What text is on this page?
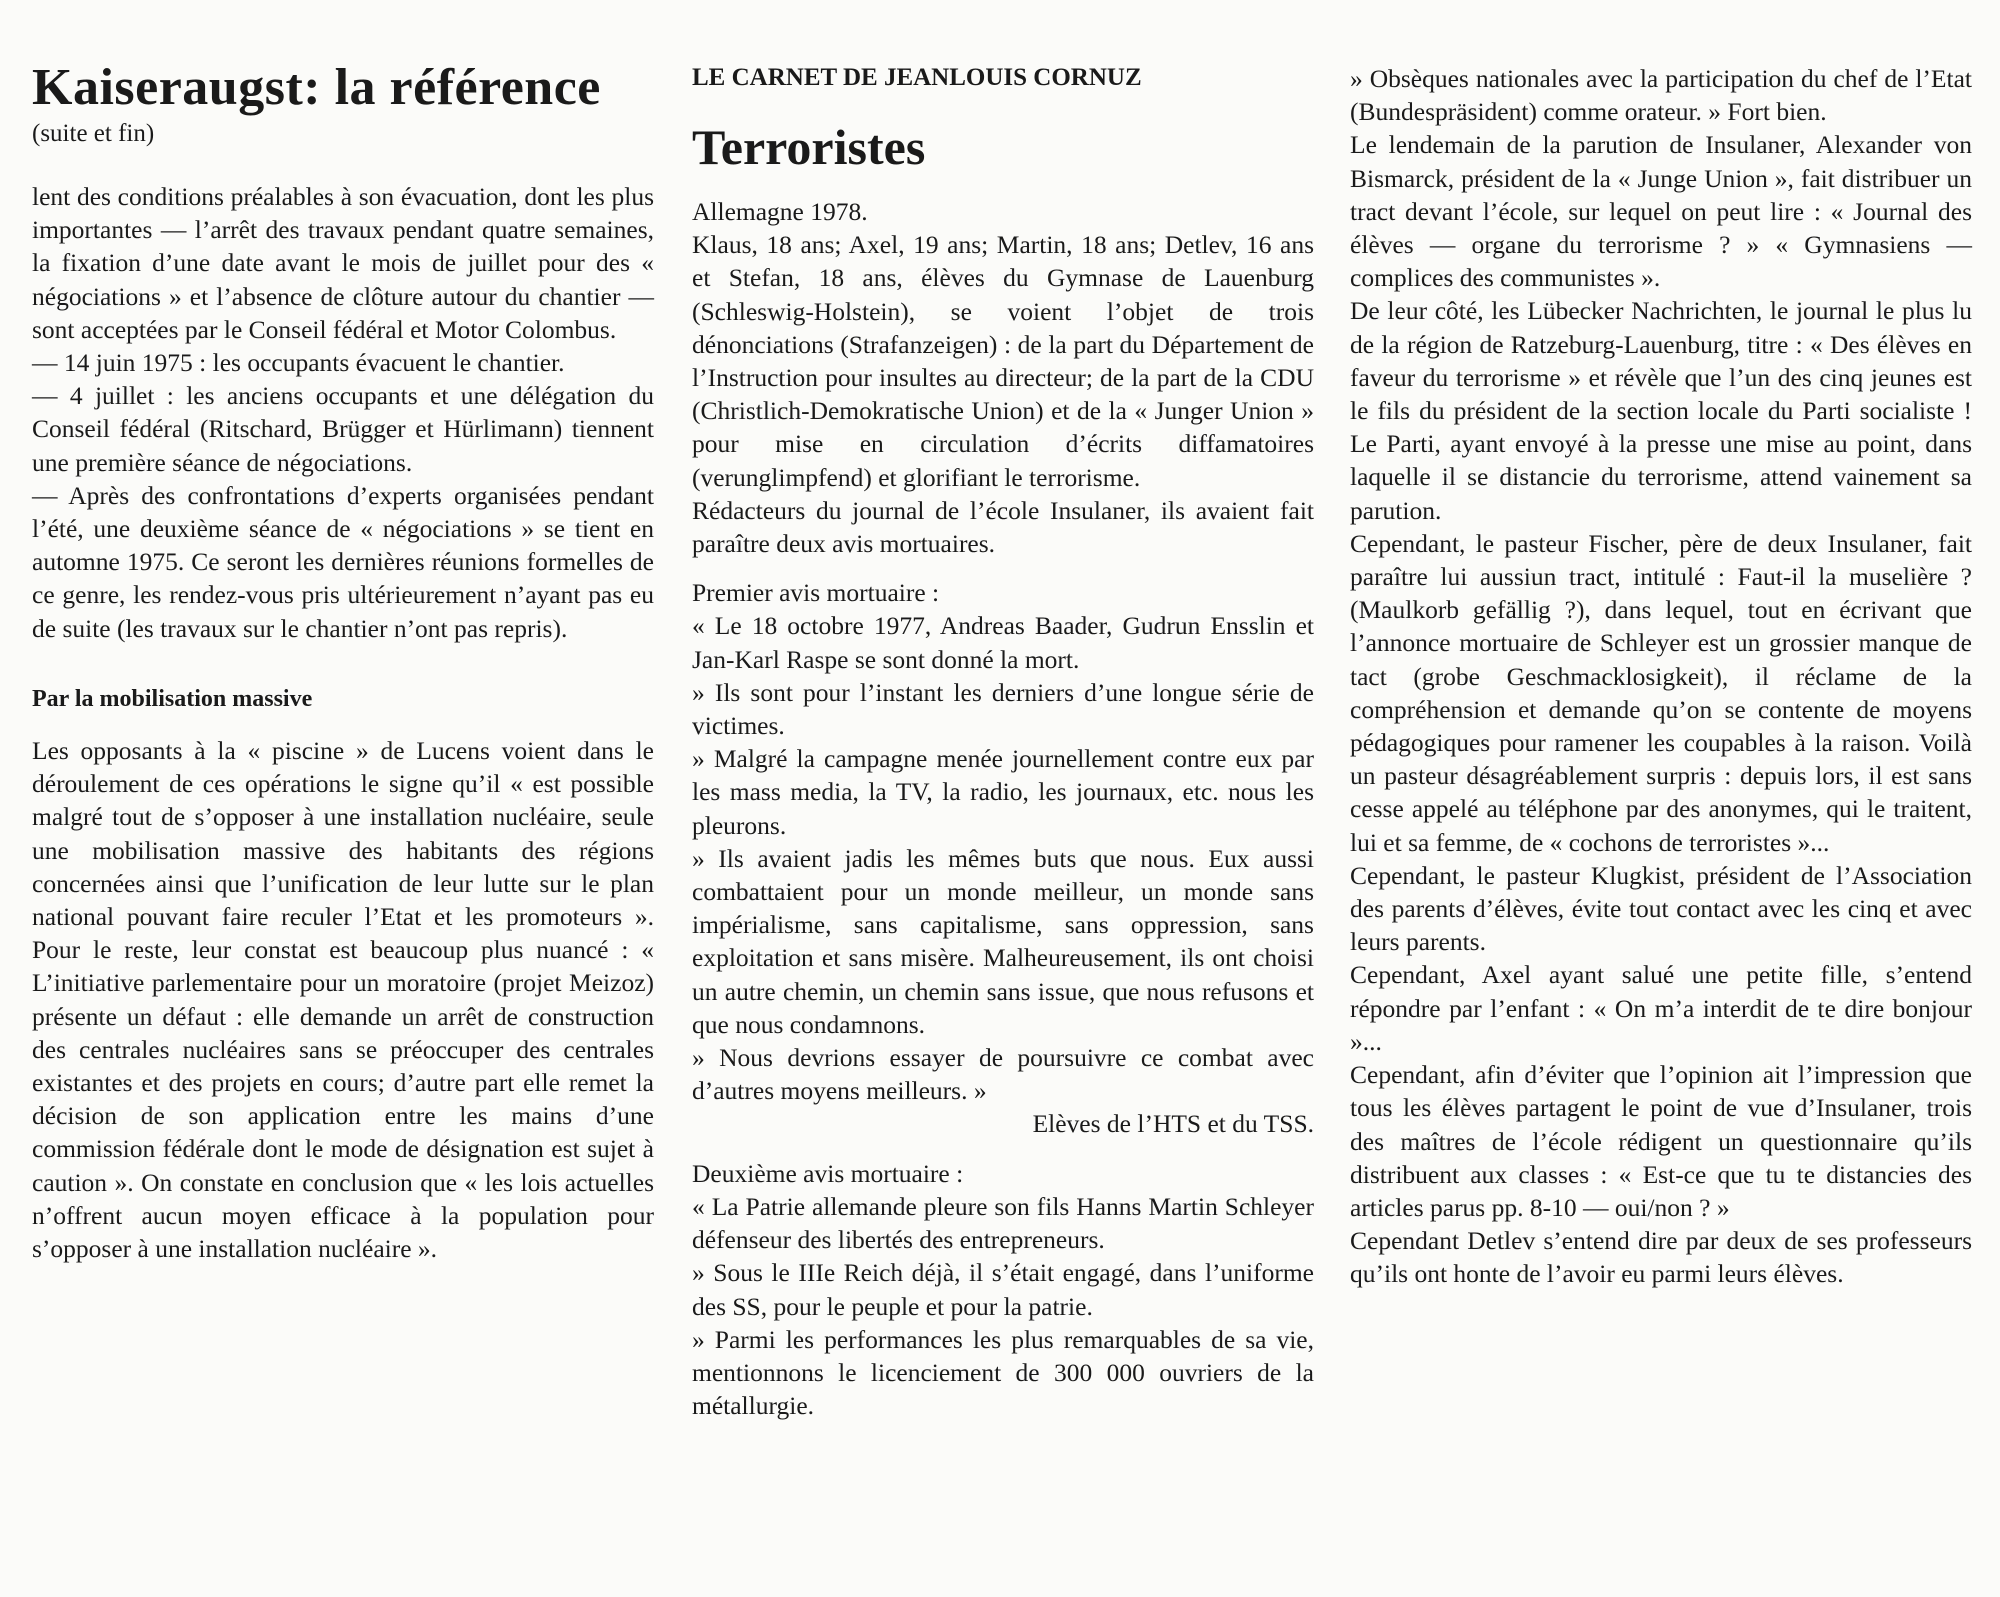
Kaiseraugst: la référence
(suite et fin)

lent des conditions préalables à son évacuation, dont les plus importantes — l’arrêt des travaux pendant quatre semaines, la fixation d’une date avant le mois de juillet pour des « négociations » et l’absence de clôture autour du chantier — sont acceptées par le Conseil fédéral et Motor Colombus.

— 14 juin 1975 : les occupants évacuent le chantier.

— 4 juillet : les anciens occupants et une délégation du Conseil fédéral (Ritschard, Brügger et Hürlimann) tiennent une première séance de négociations.

— Après des confrontations d’experts organisées pendant l’été, une deuxième séance de « négociations » se tient en automne 1975. Ce seront les dernières réunions formelles de ce genre, les rendez-vous pris ultérieurement n’ayant pas eu de suite (les travaux sur le chantier n’ont pas repris).

Par la mobilisation massive

Les opposants à la « piscine » de Lucens voient dans le déroulement de ces opérations le signe qu’il « est possible malgré tout de s’opposer à une installation nucléaire, seule une mobilisation massive des habitants des régions concernées ainsi que l’unification de leur lutte sur le plan national pouvant faire reculer l’Etat et les promoteurs ». Pour le reste, leur constat est beaucoup plus nuancé : « L’initiative parlementaire pour un moratoire (projet Meizoz) présente un défaut : elle demande un arrêt de construction des centrales nucléaires sans se préoccuper des centrales existantes et des projets en cours; d’autre part elle remet la décision de son application entre les mains d’une commission fédérale dont le mode de désignation est sujet à caution ». On constate en conclusion que « les lois actuelles n’offrent aucun moyen efficace à la population pour s’opposer à une installation nucléaire ».

LE CARNET DE JEANLOUIS CORNUZ
Terroristes

Allemagne 1978.

Klaus, 18 ans; Axel, 19 ans; Martin, 18 ans; Detlev, 16 ans et Stefan, 18 ans, élèves du Gymnase de Lauenburg (Schleswig-Holstein), se voient l’objet de trois dénonciations (Strafanzeigen) : de la part du Département de l’Instruction pour insultes au directeur; de la part de la CDU (Christlich-Demokratische Union) et de la « Junger Union » pour mise en circulation d’écrits diffamatoires (verunglimpfend) et glorifiant le terrorisme.

Rédacteurs du journal de l’école Insulaner, ils avaient fait paraître deux avis mortuaires.

Premier avis mortuaire :

« Le 18 octobre 1977, Andreas Baader, Gudrun Ensslin et Jan-Karl Raspe se sont donné la mort.

» Ils sont pour l’instant les derniers d’une longue série de victimes.

» Malgré la campagne menée journellement contre eux par les mass media, la TV, la radio, les journaux, etc. nous les pleurons.

» Ils avaient jadis les mêmes buts que nous. Eux aussi combattaient pour un monde meilleur, un monde sans impérialisme, sans capitalisme, sans oppression, sans exploitation et sans misère. Malheureusement, ils ont choisi un autre chemin, un chemin sans issue, que nous refusons et que nous condamnons.

» Nous devrions essayer de poursuivre ce combat avec d’autres moyens meilleurs. »

Elèves de l’HTS et du TSS.

Deuxième avis mortuaire :

« La Patrie allemande pleure son fils Hanns Martin Schleyer défenseur des libertés des entrepreneurs.

» Sous le IIIe Reich déjà, il s’était engagé, dans l’uniforme des SS, pour le peuple et pour la patrie.

» Parmi les performances les plus remarquables de sa vie, mentionnons le licenciement de 300 000 ouvriers de la métallurgie.

» Obsèques nationales avec la participation du chef de l’Etat (Bundespräsident) comme orateur. » Fort bien.

Le lendemain de la parution de Insulaner, Alexander von Bismarck, président de la « Junge Union », fait distribuer un tract devant l’école, sur lequel on peut lire : « Journal des élèves — organe du terrorisme ? » « Gymnasiens — complices des communistes ».

De leur côté, les Lübecker Nachrichten, le journal le plus lu de la région de Ratzeburg-Lauenburg, titre : « Des élèves en faveur du terrorisme » et révèle que l’un des cinq jeunes est le fils du président de la section locale du Parti socialiste ! Le Parti, ayant envoyé à la presse une mise au point, dans laquelle il se distancie du terrorisme, attend vainement sa parution.

Cependant, le pasteur Fischer, père de deux Insulaner, fait paraître lui aussiun tract, intitulé : Faut-il la muselière ? (Maulkorb gefällig ?), dans lequel, tout en écrivant que l’annonce mortuaire de Schleyer est un grossier manque de tact (grobe Geschmacklosigkeit), il réclame de la compréhension et demande qu’on se contente de moyens pédagogiques pour ramener les coupables à la raison. Voilà un pasteur désagréablement surpris : depuis lors, il est sans cesse appelé au téléphone par des anonymes, qui le traitent, lui et sa femme, de « cochons de terroristes »...

Cependant, le pasteur Klugkist, président de l’Association des parents d’élèves, évite tout contact avec les cinq et avec leurs parents.

Cependant, Axel ayant salué une petite fille, s’entend répondre par l’enfant : « On m’a interdit de te dire bonjour »...

Cependant, afin d’éviter que l’opinion ait l’impression que tous les élèves partagent le point de vue d’Insulaner, trois des maîtres de l’école rédigent un questionnaire qu’ils distribuent aux classes : « Est-ce que tu te distancies des articles parus pp. 8-10 — oui/non ? »

Cependant Detlev s’entend dire par deux de ses professeurs qu’ils ont honte de l’avoir eu parmi leurs élèves.
